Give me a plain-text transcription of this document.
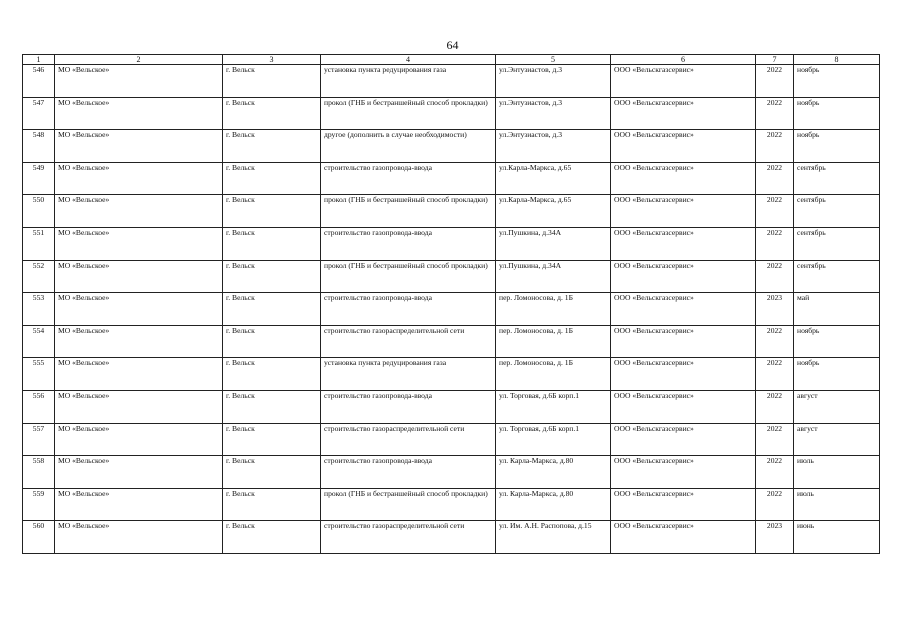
64
1	2	3	4	5	6	7	8
546	МО «Вельское»	г. Вельск	установка пункта редуцирования газа	ул.Энтузиастов, д.3	ООО «Вельскгазсервис»	2022	ноябрь
547	МО «Вельское»	г. Вельск	прокол (ГНБ и бестраншейный способ прокладки)	ул.Энтузиастов, д.3	ООО «Вельскгазсервис»	2022	ноябрь
548	МО «Вельское»	г. Вельск	другое (дополнить в случае необходимости)	ул.Энтузиастов, д.3	ООО «Вельскгазсервис»	2022	ноябрь
549	МО «Вельское»	г. Вельск	строительство газопровода-ввода	ул.Карла-Маркса, д.65	ООО «Вельскгазсервис»	2022	сентябрь
550	МО «Вельское»	г. Вельск	прокол (ГНБ и бестраншейный способ прокладки)	ул.Карла-Маркса, д.65	ООО «Вельскгазсервис»	2022	сентябрь
551	МО «Вельское»	г. Вельск	строительство газопровода-ввода	ул.Пушкина, д.34А	ООО «Вельскгазсервис»	2022	сентябрь
552	МО «Вельское»	г. Вельск	прокол (ГНБ и бестраншейный способ прокладки)	ул.Пушкина, д.34А	ООО «Вельскгазсервис»	2022	сентябрь
553	МО «Вельское»	г. Вельск	строительство газопровода-ввода	пер. Ломоносова, д. 1Б	ООО «Вельскгазсервис»	2023	май
554	МО «Вельское»	г. Вельск	строительство газораспределительной сети	пер. Ломоносова, д. 1Б	ООО «Вельскгазсервис»	2022	ноябрь
555	МО «Вельское»	г. Вельск	установка пункта редуцирования газа	пер. Ломоносова, д. 1Б	ООО «Вельскгазсервис»	2022	ноябрь
556	МО «Вельское»	г. Вельск	строительство газопровода-ввода	ул. Торговая, д.6Б корп.1	ООО «Вельскгазсервис»	2022	август
557	МО «Вельское»	г. Вельск	строительство газораспределительной сети	ул. Торговая, д.6Б корп.1	ООО «Вельскгазсервис»	2022	август
558	МО «Вельское»	г. Вельск	строительство газопровода-ввода	ул. Карла-Маркса, д.80	ООО «Вельскгазсервис»	2022	июль
559	МО «Вельское»	г. Вельск	прокол (ГНБ и бестраншейный способ прокладки)	ул. Карла-Маркса, д.80	ООО «Вельскгазсервис»	2022	июль
560	МО «Вельское»	г. Вельск	строительство газораспределительной сети	ул. Им. А.Н. Распопова, д.15	ООО «Вельскгазсервис»	2023	июнь
